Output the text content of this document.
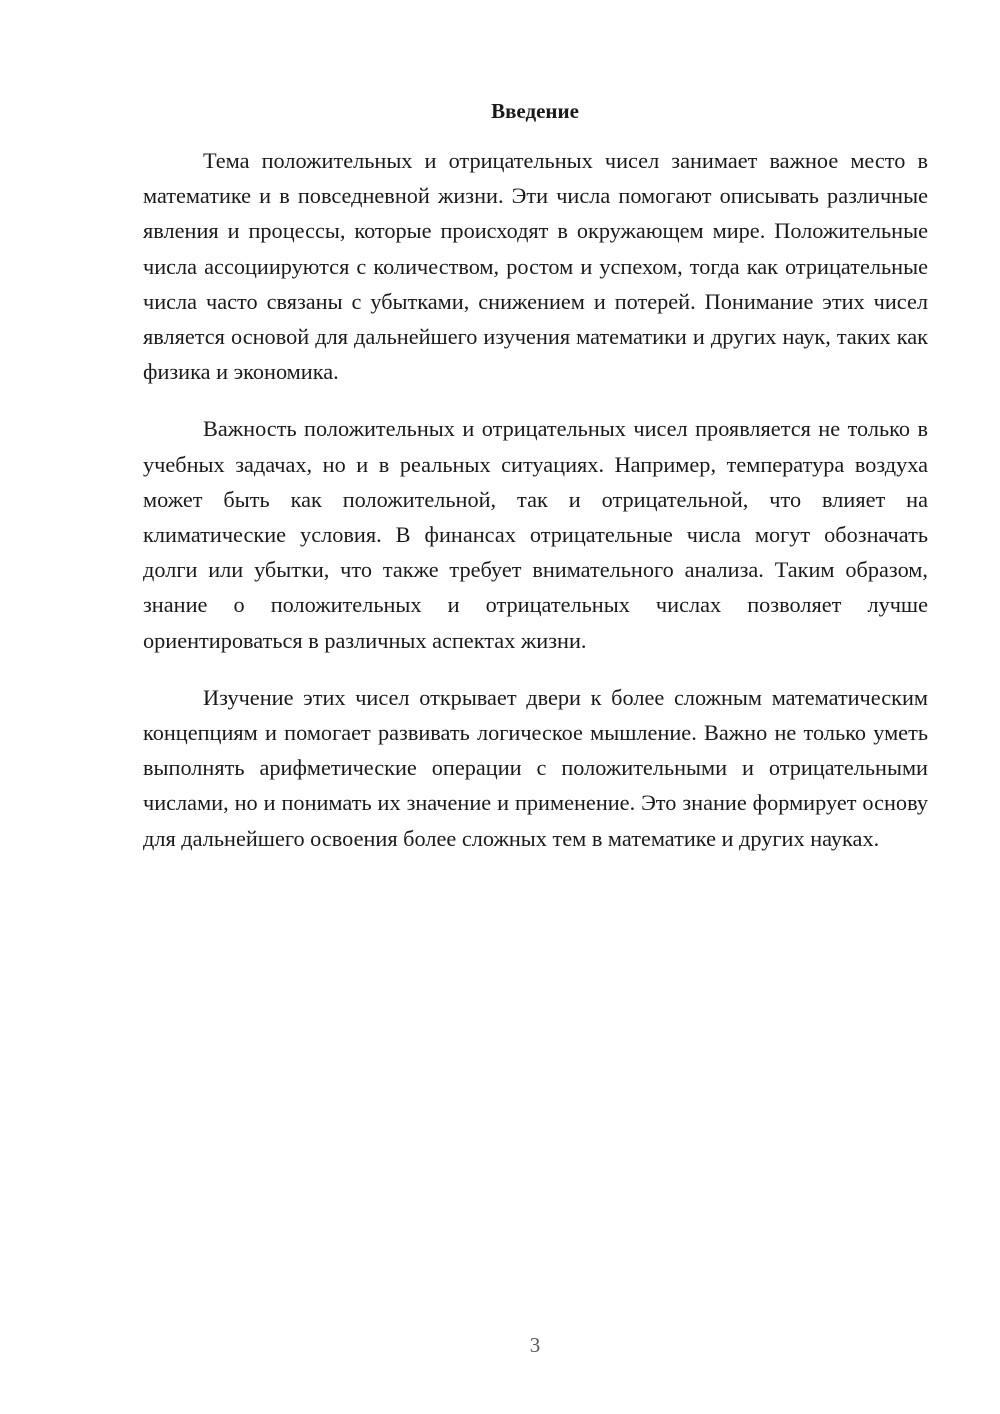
Введение

Тема положительных и отрицательных чисел занимает важное место в математике и в повседневной жизни. Эти числа помогают описывать различные явления и процессы, которые происходят в окружающем мире. Положительные числа ассоциируются с количеством, ростом и успехом, тогда как отрицательные числа часто связаны с убытками, снижением и потерей. Понимание этих чисел является основой для дальнейшего изучения математики и других наук, таких как физика и экономика.

Важность положительных и отрицательных чисел проявляется не только в учебных задачах, но и в реальных ситуациях. Например, температура воздуха может быть как положительной, так и отрицательной, что влияет на климатические условия. В финансах отрицательные числа могут обозначать долги или убытки, что также требует внимательного анализа. Таким образом, знание о положительных и отрицательных числах позволяет лучше ориентироваться в различных аспектах жизни.

Изучение этих чисел открывает двери к более сложным математическим концепциям и помогает развивать логическое мышление. Важно не только уметь выполнять арифметические операции с положительными и отрицательными числами, но и понимать их значение и применение. Это знание формирует основу для дальнейшего освоения более сложных тем в математике и других науках.

3
